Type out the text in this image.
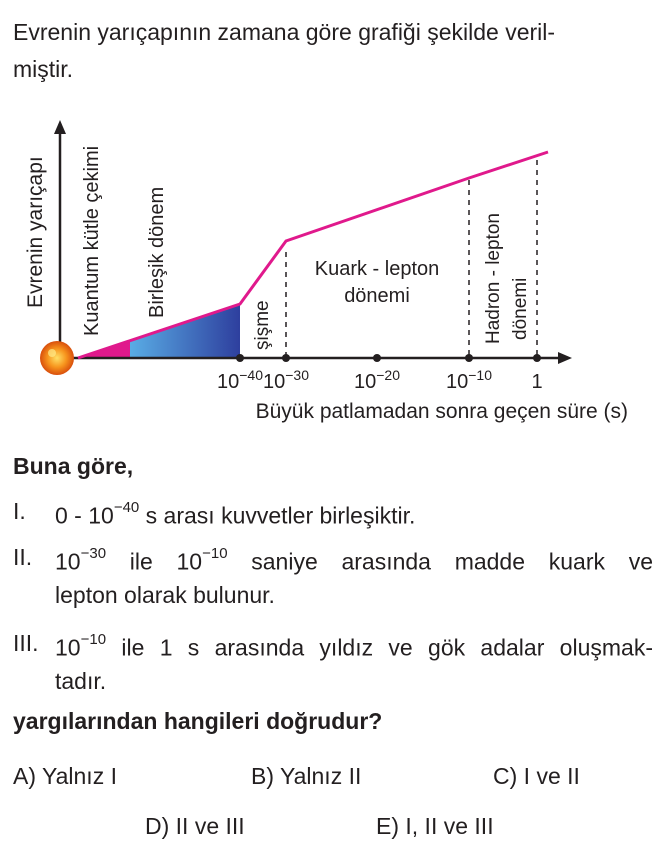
Evrenin yarıçapının zamana göre grafiği şekilde veril-
miştir.
$10^{-40}$ $10^{-30}$ $10^{-20}$ $10^{-10}$ 1
Evrenin yarıçapı Kuantum kütle çekimi Birleşik dönem
şişme
Kuark - lepton
dönemi	Hadron - lepton dönemi
Büyük patlamadan sonra geçen süre (s)
Buna göre,
I. $0 - 10^{-40}$ s arası kuvvetler birleşiktir.
II. $10^{-30}$ ile $10^{-10}$ saniye arasında madde kuark ve
lepton olarak bulunur.
III. $10^{-10}$ ile 1 s arasında yıldız ve gök adalar oluşmak-
tadır.
yargılarından hangileri doğrudur?
A) Yalnız I	B) Yalnız II	C) I ve II
D) II ve III	E) I, II ve III
